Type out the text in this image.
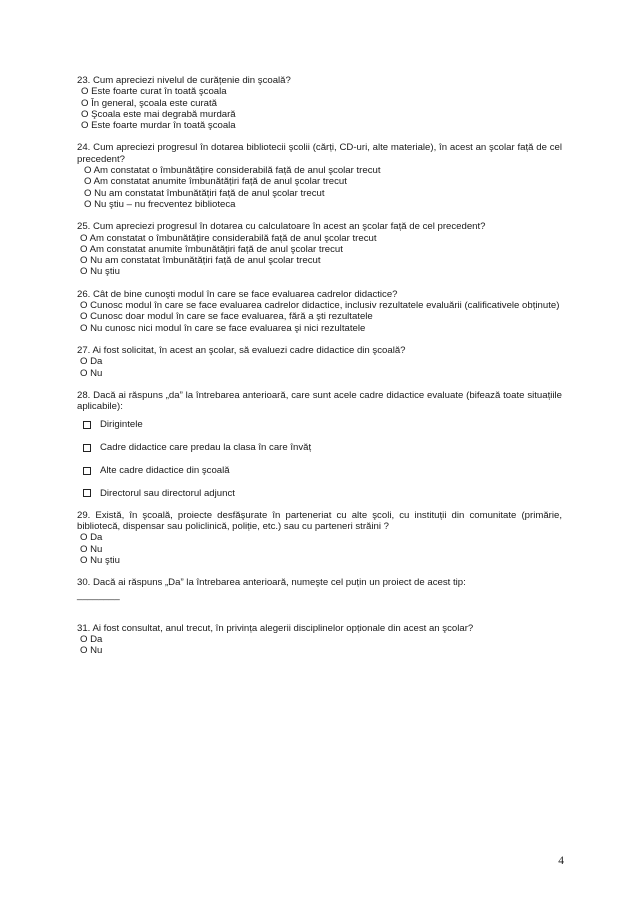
23. Cum apreciezi nivelul de curățenie din şcoală?
O Este foarte curat în toată şcoala
O În general, şcoala este curată
O Şcoala este mai degrabă murdară
O Este foarte murdar în toată şcoala
24. Cum apreciezi progresul în dotarea bibliotecii şcolii (cărți, CD-uri, alte materiale), în acest an şcolar față de cel precedent?
O Am constatat o îmbunătățire considerabilă față de anul şcolar trecut
O Am constatat anumite îmbunătățiri față de anul şcolar trecut
O Nu am constatat îmbunătățiri față de anul şcolar trecut
O Nu ştiu – nu frecventez biblioteca
25. Cum apreciezi progresul în dotarea cu calculatoare în acest an şcolar față de cel precedent?
O Am constatat o îmbunătățire considerabilă față de anul şcolar trecut
O Am constatat anumite îmbunătățiri față de anul şcolar trecut
O Nu am constatat îmbunătățiri față de anul şcolar trecut
O Nu ştiu
26. Cât de bine cunoşti modul în care se face evaluarea cadrelor didactice?
O Cunosc modul în care se face evaluarea cadrelor didactice, inclusiv rezultatele evaluării (calificativele obținute)
O Cunosc doar modul în care se face evaluarea, fără a şti rezultatele
O Nu cunosc nici modul în care se face evaluarea şi nici rezultatele
27. Ai fost solicitat, în acest an şcolar, să evaluezi cadre didactice din şcoală?
O Da
O Nu
28. Dacă ai răspuns „da” la întrebarea anterioară, care sunt acele cadre didactice evaluate (bifează toate situațiile aplicabile):
Dirigintele
Cadre didactice care predau la clasa în care învăț
Alte cadre didactice din şcoală
Directorul sau directorul adjunct
29. Există, în şcoală, proiecte desfăşurate în parteneriat cu alte şcoli, cu instituții din comunitate (primărie, bibliotecă, dispensar sau policlinică, poliție, etc.) sau cu parteneri străini ?
O Da
O Nu
O Nu ştiu
30. Dacă ai răspuns „Da” la întrebarea anterioară, numeşte cel puțin un proiect de acest tip:
________
31. Ai fost consultat, anul trecut, în privința alegerii disciplinelor opționale din acest an şcolar?
O Da
O Nu
4
